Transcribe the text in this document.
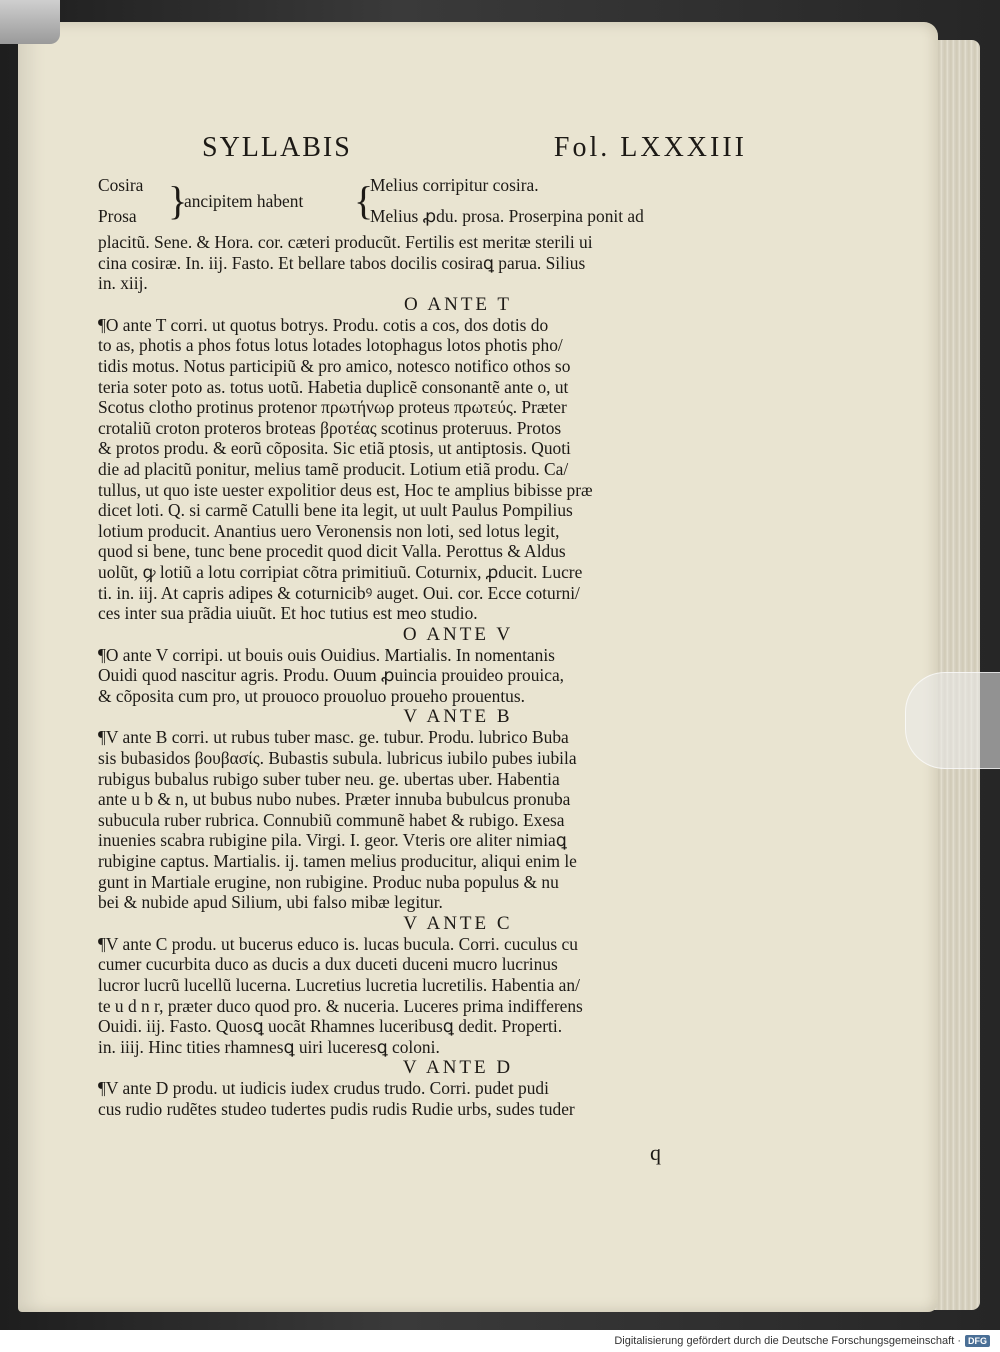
SYLLABIS	Fol. LXXXIII
Cosira
Prosa }
ancipitem habent	{
Melius corripitur cosira.
Melius ꝓdu. prosa. Proserpina ponit ad
placitũ. Sene. & Hora. cor. cæteri producũt. Fertilis est meritæ sterili ui
cina cosiræ. In. iij. Fasto. Et bellare tabos docilis cosiraꝗ parua. Silius
in. xiij.
O ANTE T
¶O ante T corri. ut quotus botrys. Produ. cotis a cos, dos dotis do
to as, photis a phos fotus lotus lotades lotophagus lotos photis pho/
tidis motus. Notus participiũ & pro amico, notesco notifico othos so
teria soter poto as. totus uotũ. Habetia duplicẽ consonantẽ ante o, ut
Scotus clotho protinus protenor πρωτήνωρ proteus πρωτεύς. Præter
crotaliũ croton proteros broteas βροτέας scotinus proteruus. Protos
& protos produ. & eorũ cõposita. Sic etiã ptosis, ut antiptosis. Quoti
die ad placitũ ponitur, melius tamẽ producit. Lotium etiã produ. Ca/
tullus, ut quo iste uester expolitior deus est, Hoc te amplius bibisse præ
dicet loti. Q. si carmẽ Catulli bene ita legit, ut uult Paulus Pompilius
lotium producit. Anantius uero Veronensis non loti, sed lotus legit,
quod si bene, tunc bene procedit quod dicit Valla. Perottus & Aldus
uolũt, ꝙ lotiũ a lotu corripiat cõtra primitiuũ. Coturnix, ꝓducit. Lucre
ti. in. iij. At capris adipes & coturnicibꝰ auget. Oui. cor. Ecce coturni/
ces inter sua prãdia uiuũt. Et hoc tutius est meo studio.
O ANTE V
¶O ante V corripi. ut bouis ouis Ouidius. Martialis. In nomentanis
Ouidi quod nascitur agris. Produ. Ouum ꝓuincia prouideo prouica,
& cõposita cum pro, ut prouoco prouoluo proueho prouentus.
V ANTE B
¶V ante B corri. ut rubus tuber masc. ge. tubur. Produ. lubrico Buba
sis bubasidos βουβασίς. Bubastis subula. lubricus iubilo pubes iubila
rubigus bubalus rubigo suber tuber neu. ge. ubertas uber. Habentia
ante u b & n, ut bubus nubo nubes. Præter innuba bubulcus pronuba
subucula ruber rubrica. Connubiũ communẽ habet & rubigo. Exesa
inuenies scabra rubigine pila. Virgi. I. geor. Vteris ore aliter nimiaꝗ
rubigine captus. Martialis. ij. tamen melius producitur, aliqui enim le
gunt in Martiale erugine, non rubigine. Produc nuba populus & nu
bei & nubide apud Silium, ubi falso mibæ legitur.
V ANTE C
¶V ante C produ. ut bucerus educo is. lucas bucula. Corri. cuculus cu
cumer cucurbita duco as ducis a dux duceti duceni mucro lucrinus
lucror lucrũ lucellũ lucerna. Lucretius lucretia lucretilis. Habentia an/
te u d n r, præter duco quod pro. & nuceria. Luceres prima indifferens
Ouidi. iij. Fasto. Quosꝗ uocãt Rhamnes luceribusꝗ dedit. Properti.
in. iiij. Hinc tities rhamnesꝗ uiri luceresꝗ coloni.
V ANTE D
¶V ante D produ. ut iudicis iudex crudus trudo. Corri. pudet pudi
cus rudio rudẽtes studeo tudertes pudis rudis Rudie urbs, sudes tuder
q
Digitalisierung gefördert durch die Deutsche Forschungsgemeinschaft · DFG
